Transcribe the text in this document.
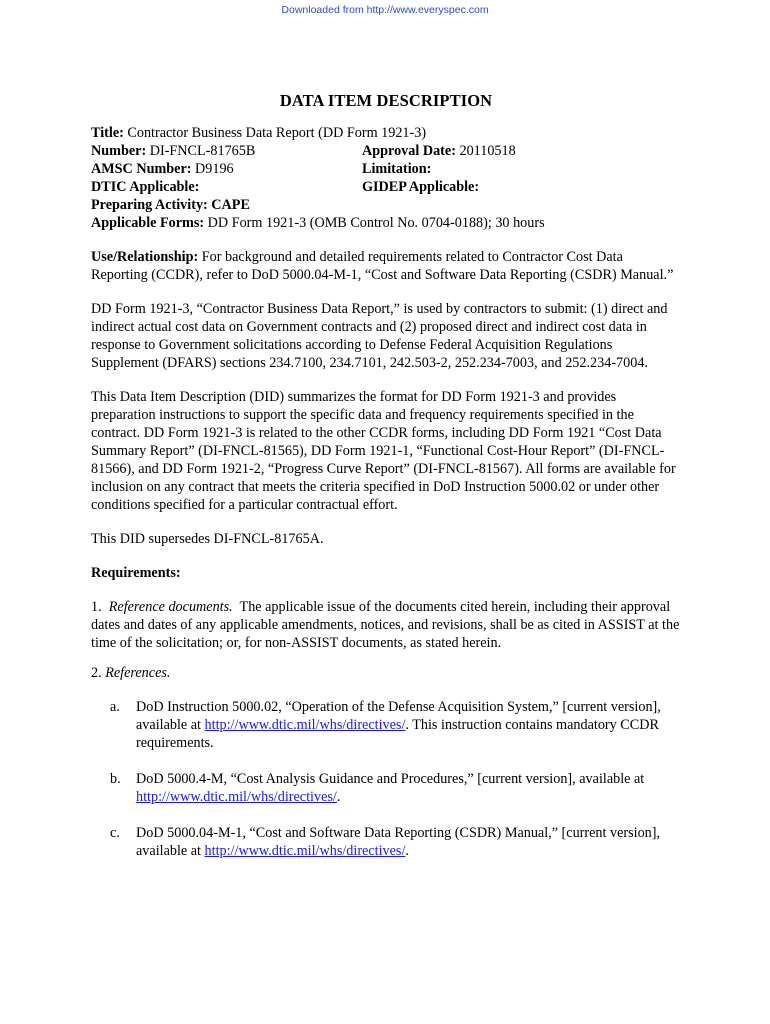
Downloaded from http://www.everyspec.com
DATA ITEM DESCRIPTION
Title:
Contractor Business Data Report (DD Form 1921-3)
Number: DI-FNCL-81765B	Approval Date: 20110518
AMSC Number: D9196	Limitation:
DTIC Applicable:	GIDEP Applicable:
Preparing Activity: CAPE
Applicable Forms:
DD Form 1921-3 (OMB Control No. 0704-0188); 30 hours

Use/Relationship: For background and detailed requirements related to Contractor Cost Data Reporting (CCDR), refer to DoD 5000.04-M-1, “Cost and Software Data Reporting (CSDR) Manual.”

DD Form 1921-3, “Contractor Business Data Report,” is used by contractors to submit: (1) direct and indirect actual cost data on Government contracts and (2) proposed direct and indirect cost data in response to Government solicitations according to Defense Federal Acquisition Regulations Supplement (DFARS) sections 234.7100, 234.7101, 242.503-2, 252.234-7003, and 252.234-7004.

This Data Item Description (DID) summarizes the format for DD Form 1921-3 and provides preparation instructions to support the specific data and frequency requirements specified in the contract. DD Form 1921-3 is related to the other CCDR forms, including DD Form 1921 “Cost Data Summary Report” (DI-FNCL-81565), DD Form 1921-1, “Functional Cost-Hour Report” (DI-FNCL-81566), and DD Form 1921-2, “Progress Curve Report” (DI-FNCL-81567). All forms are available for inclusion on any contract that meets the criteria specified in DoD Instruction 5000.02 or under other conditions specified for a particular contractual effort.

This DID supersedes DI-FNCL-81765A.

Requirements:

1. Reference documents. The applicable issue of the documents cited herein, including their approval dates and dates of any applicable amendments, notices, and revisions, shall be as cited in ASSIST at the time of the solicitation; or, for non-ASSIST documents, as stated herein.

2. References.

a.	DoD Instruction 5000.02, “Operation of the Defense Acquisition System,” [current version], available at http://www.dtic.mil/whs/directives/. This instruction contains mandatory CCDR requirements.
b.	DoD 5000.4-M, “Cost Analysis Guidance and Procedures,” [current version], available at http://www.dtic.mil/whs/directives/.
c.	DoD 5000.04-M-1, “Cost and Software Data Reporting (CSDR) Manual,” [current version], available at http://www.dtic.mil/whs/directives/.
